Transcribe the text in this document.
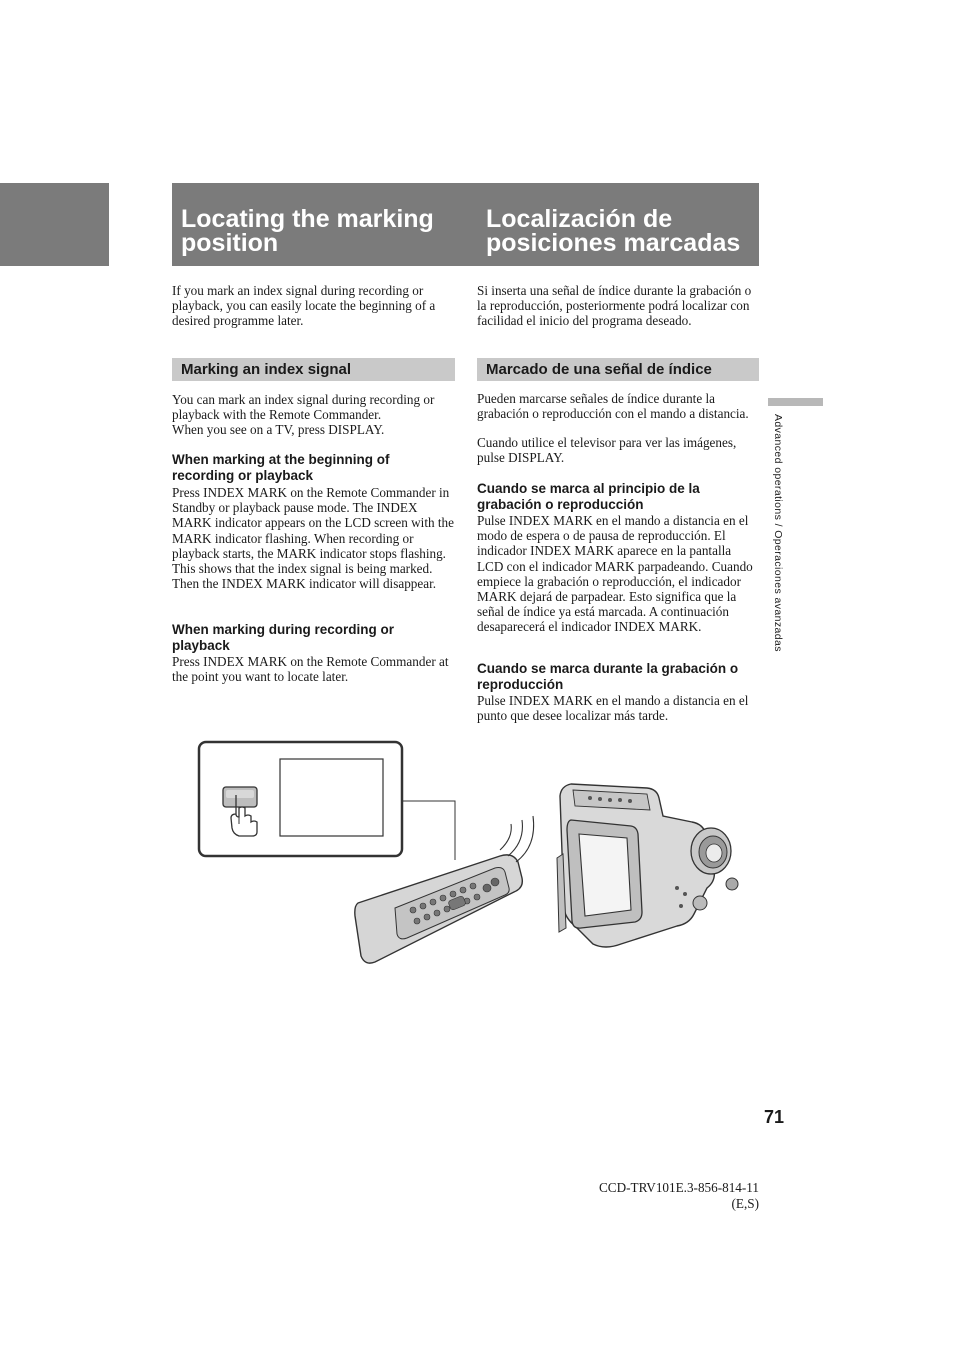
Locating the marking position
Localización de posiciones marcadas

If you mark an index signal during recording or playback, you can easily locate the beginning of a desired programme later.

Marking an index signal

You can mark an index signal during recording or playback with the Remote Commander.

When you see on a TV, press DISPLAY.

When marking at the beginning of recording or playback

Press INDEX MARK on the Remote Commander in Standby or playback pause mode. The INDEX MARK indicator appears on the LCD screen with the MARK indicator flashing. When recording or playback starts, the MARK indicator stops flashing. This shows that the index signal is being marked. Then the INDEX MARK indicator will disappear.

When marking during recording or playback

Press INDEX MARK on the Remote Commander at the point you want to locate later.

Si inserta una señal de índice durante la grabación o la reproducción, posteriormente podrá localizar con facilidad el inicio del programa deseado.

Marcado de una señal de índice

Pueden marcarse señales de índice durante la grabación o reproducción con el mando a distancia.

Cuando utilice el televisor para ver las imágenes, pulse DISPLAY.

Cuando se marca al principio de la grabación o reproducción

Pulse INDEX MARK en el mando a distancia en el modo de espera o de pausa de reproducción. El indicador INDEX MARK aparece en la pantalla LCD con el indicador MARK parpadeando. Cuando empiece la grabación o reproducción, el indicador MARK dejará de parpadear. Esto significa que la señal de índice ya está marcada. A continuación desaparecerá el indicador INDEX MARK.

Cuando se marca durante la grabación o reproducción

Pulse INDEX MARK en el mando a distancia en el punto que desee localizar más tarde.

Advanced operations / Operaciones avanzadas
71
CCD-TRV101E.3-856-814-11 (E,S)
